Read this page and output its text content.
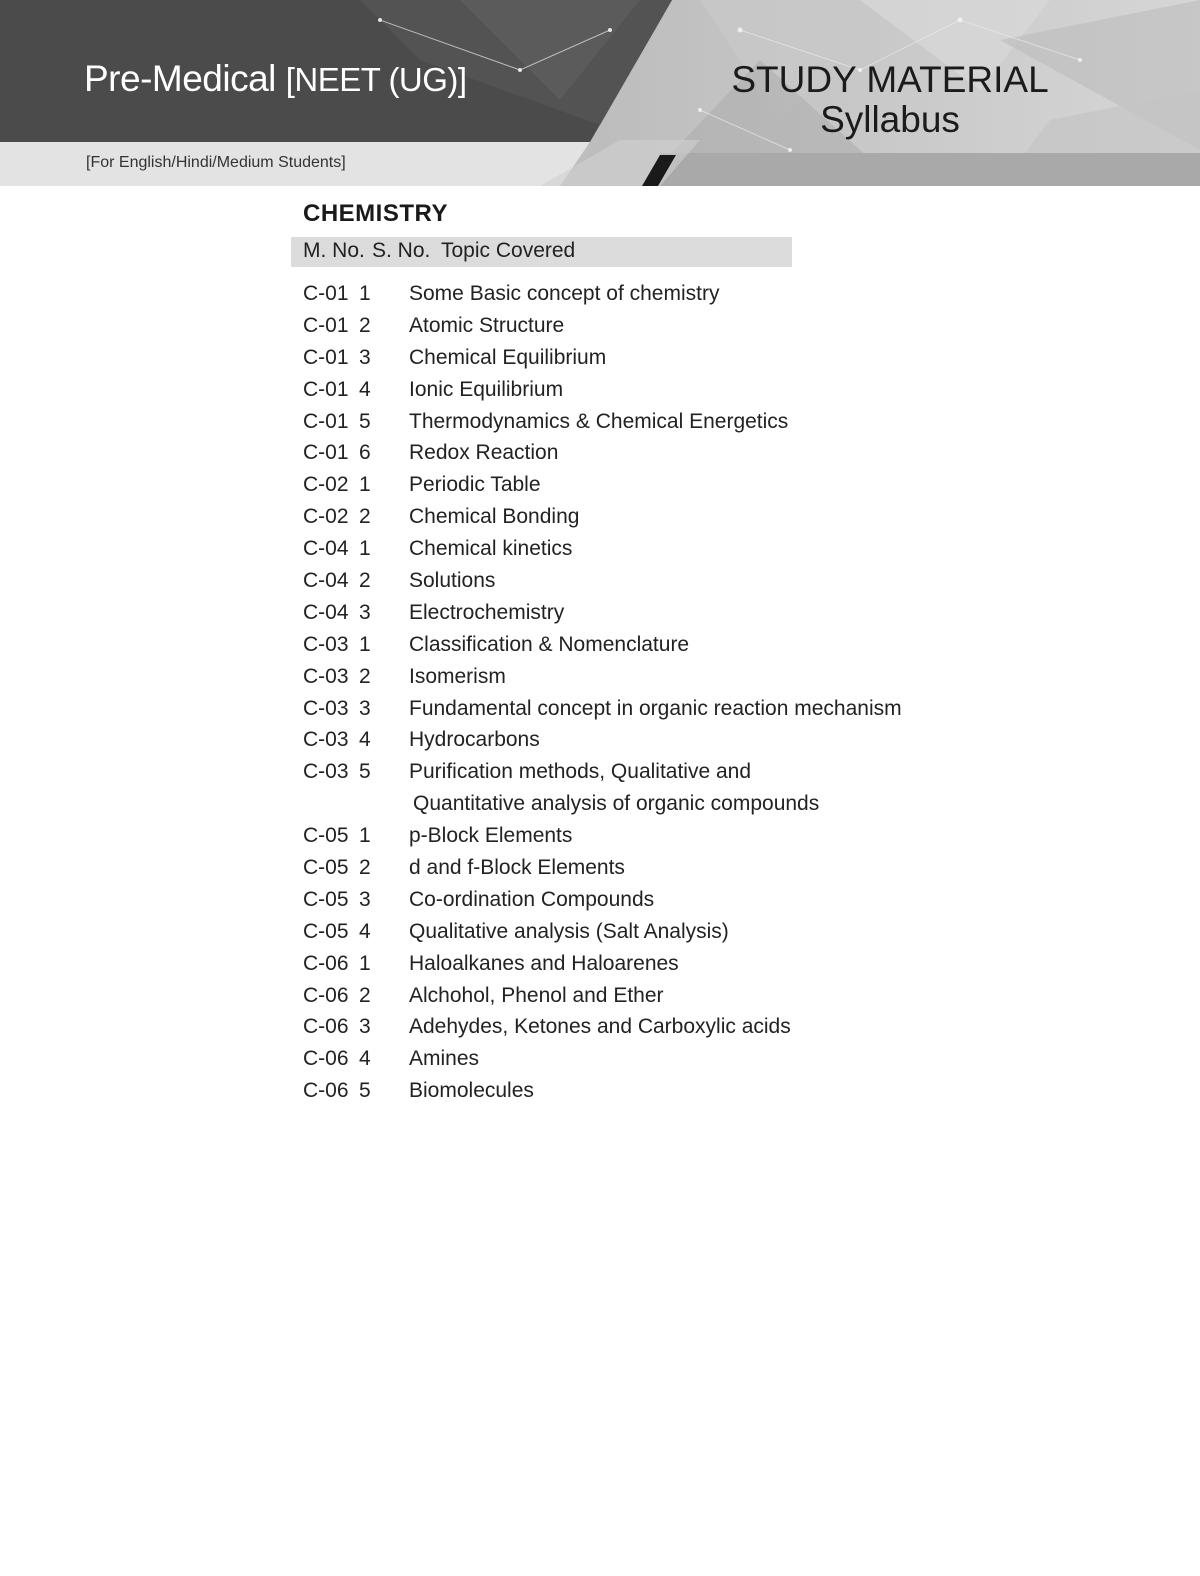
Pre-Medical [NEET (UG)]
[For English/Hindi/Medium Students]
STUDY MATERIAL
Syllabus
CHEMISTRY
M. No. S. No. Topic Covered
C-01 1 Some Basic concept of chemistry
C-01 2 Atomic Structure
C-01 3 Chemical Equilibrium
C-01 4 Ionic Equilibrium
C-01 5 Thermodynamics & Chemical Energetics
C-01 6 Redox Reaction
C-02 1 Periodic Table
C-02 2 Chemical Bonding
C-04 1 Chemical kinetics
C-04 2 Solutions
C-04 3 Electrochemistry
C-03 1 Classification & Nomenclature
C-03 2 Isomerism
C-03 3 Fundamental concept in organic reaction mechanism
C-03 4 Hydrocarbons
C-03 5 Purification methods, Qualitative and
Quantitative analysis of organic compounds
C-05 1 p-Block Elements
C-05 2 d and f-Block Elements
C-05 3 Co-ordination Compounds
C-05 4 Qualitative analysis (Salt Analysis)
C-06 1 Haloalkanes and Haloarenes
C-06 2 Alchohol, Phenol and Ether
C-06 3 Adehydes, Ketones and Carboxylic acids
C-06 4 Amines
C-06 5 Biomolecules
